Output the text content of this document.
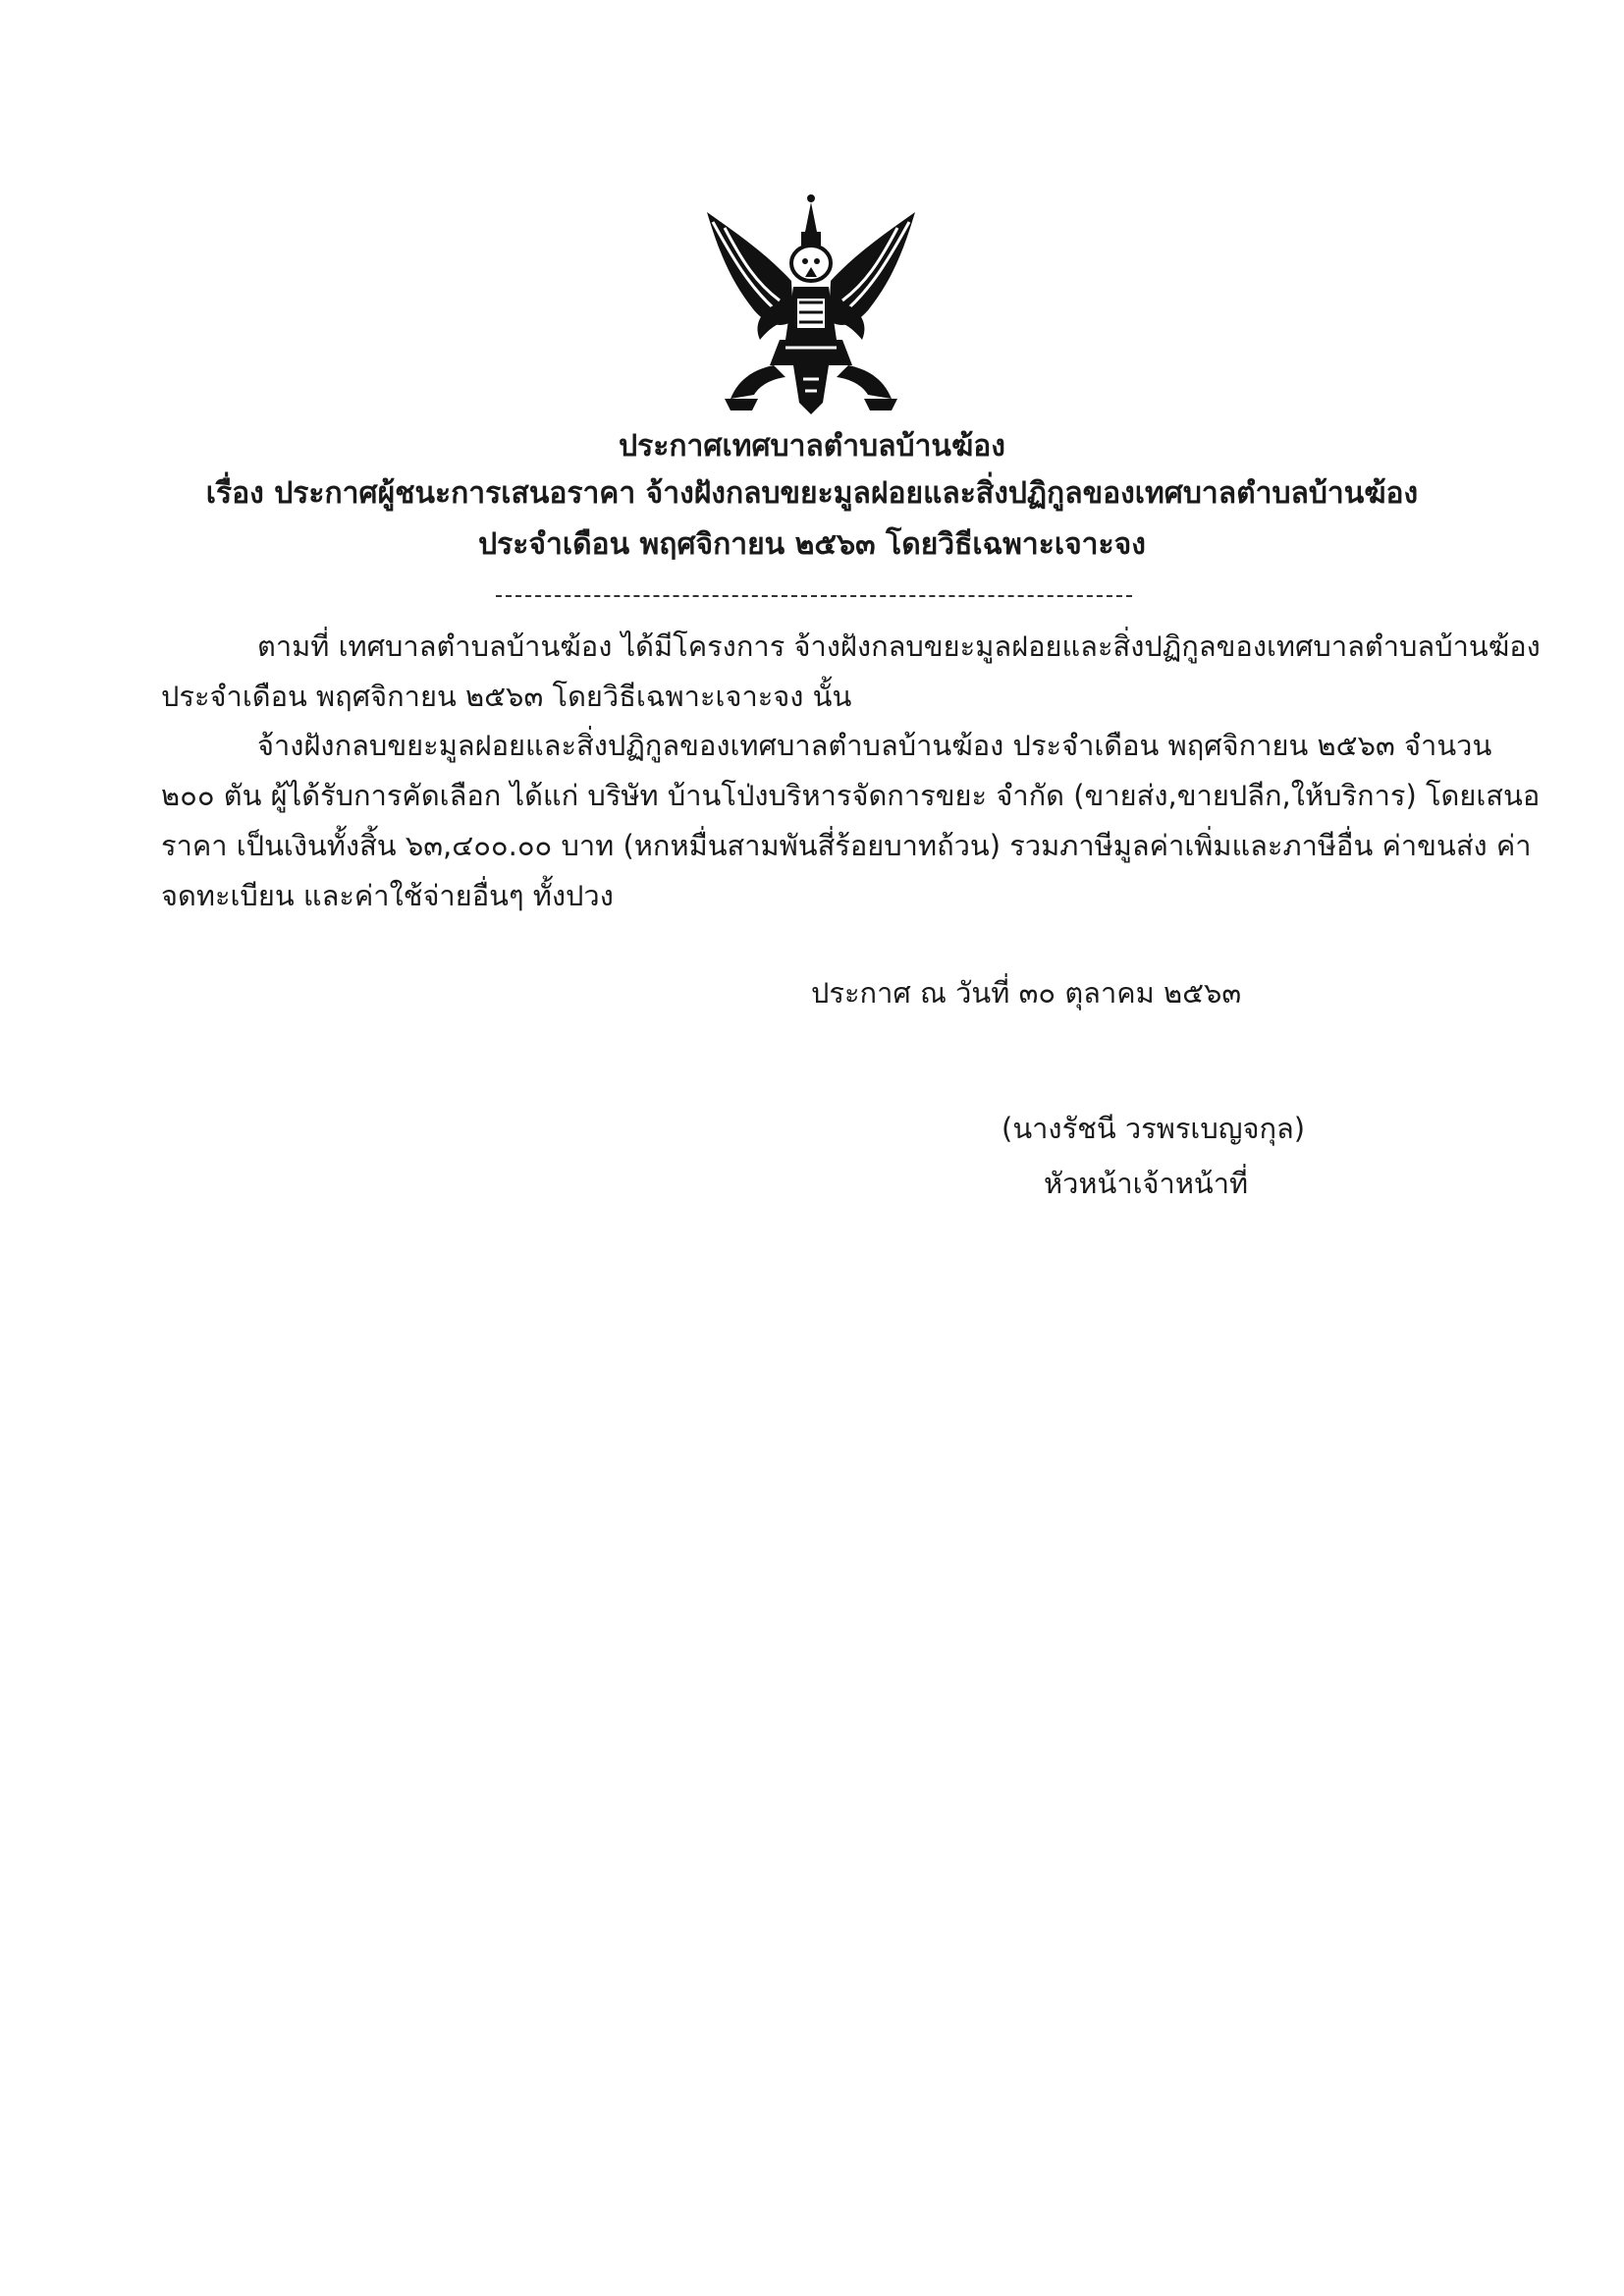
ประกาศเทศบาลตำบลบ้านฆ้อง
เรื่อง ประกาศผู้ชนะการเสนอราคา จ้างฝังกลบขยะมูลฝอยและสิ่งปฏิกูลของเทศบาลตำบลบ้านฆ้อง
ประจำเดือน พฤศจิกายน ๒๕๖๓ โดยวิธีเฉพาะเจาะจง
ตามที่ เทศบาลตำบลบ้านฆ้อง ได้มีโครงการ จ้างฝังกลบขยะมูลฝอยและสิ่งปฏิกูลของเทศบาลตำบลบ้านฆ้อง
ประจำเดือน พฤศจิกายน ๒๕๖๓ โดยวิธีเฉพาะเจาะจง นั้น
จ้างฝังกลบขยะมูลฝอยและสิ่งปฏิกูลของเทศบาลตำบลบ้านฆ้อง ประจำเดือน พฤศจิกายน ๒๕๖๓ จำนวน
๒๐๐ ตัน ผู้ได้รับการคัดเลือก ได้แก่ บริษัท บ้านโป่งบริหารจัดการขยะ จำกัด (ขายส่ง,ขายปลีก,ให้บริการ) โดยเสนอ
ราคา เป็นเงินทั้งสิ้น ๖๓,๔๐๐.๐๐ บาท (หกหมื่นสามพันสี่ร้อยบาทถ้วน) รวมภาษีมูลค่าเพิ่มและภาษีอื่น ค่าขนส่ง ค่า
จดทะเบียน และค่าใช้จ่ายอื่นๆ ทั้งปวง
ประกาศ ณ วันที่ ๓๐ ตุลาคม ๒๕๖๓
(นางรัชนี วรพรเบญจกุล)
หัวหน้าเจ้าหน้าที่
